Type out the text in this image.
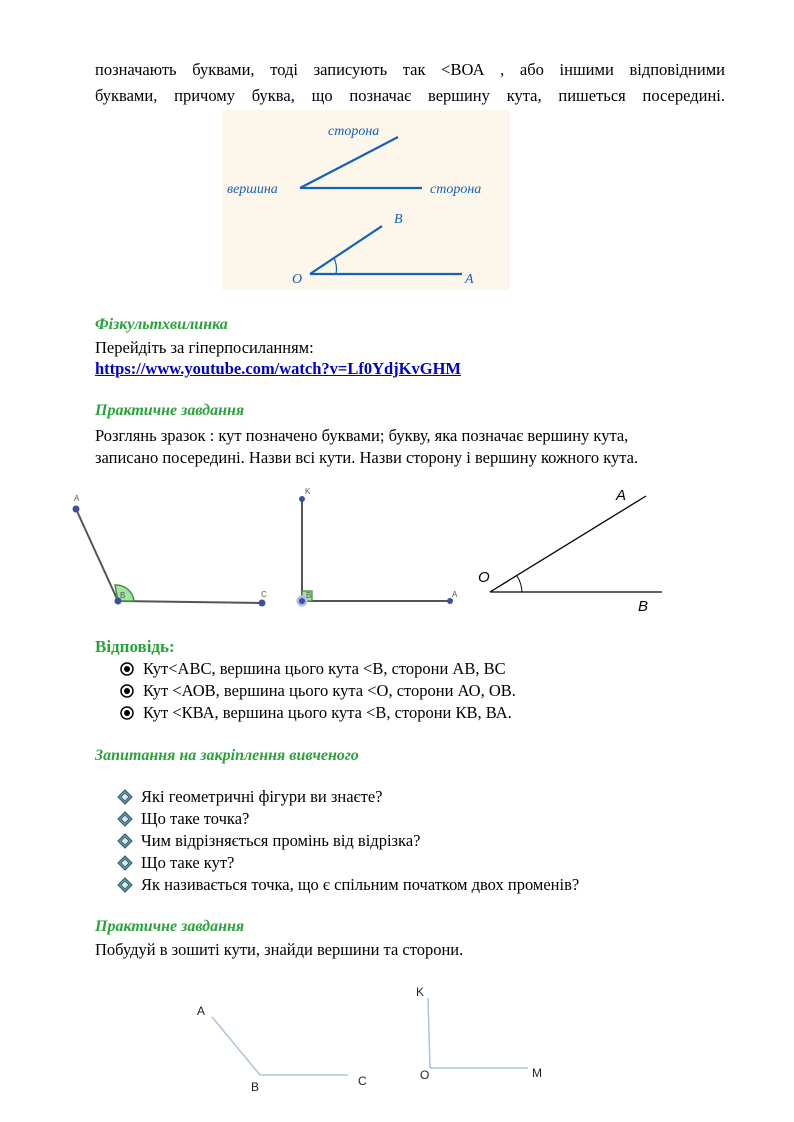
позначають буквами, тоді записують так <ВОА , або іншими відповідними
буквами, причому буква, що позначає вершину кута, пишеться посередині.
сторона
вершина	сторона
В
О	А
Фізкультхвилинка
Перейдіть за гіперпосиланням:
https://www.youtube.com/watch?v=Lf0YdjKvGHM
Практичне завдання
Розглянь зразок : кут позначено буквами; букву, яка позначає вершину кута,
записано посередині. Назви всі кути. Назви сторону і вершину кожного кута.
A
B	C
K
B	A
A
O
B
Відповідь:
Кут<АВС, вершина цього кута <В, сторони АВ, ВС
Кут <АОВ, вершина цього кута <О, сторони АО, ОВ.
Кут <КВА, вершина цього кута <В, сторони КВ, ВА.
Запитання на закріплення вивченого
Які геометричні фігури ви знаєте?
Що таке точка?
Чим відрізняється промінь від відрізка?
Що таке кут?
Як називається точка, що є спільним початком двох променів?
Практичне завдання
Побудуй в зошиті кути, знайди вершини та сторони.
A
B	C
K
O	M
